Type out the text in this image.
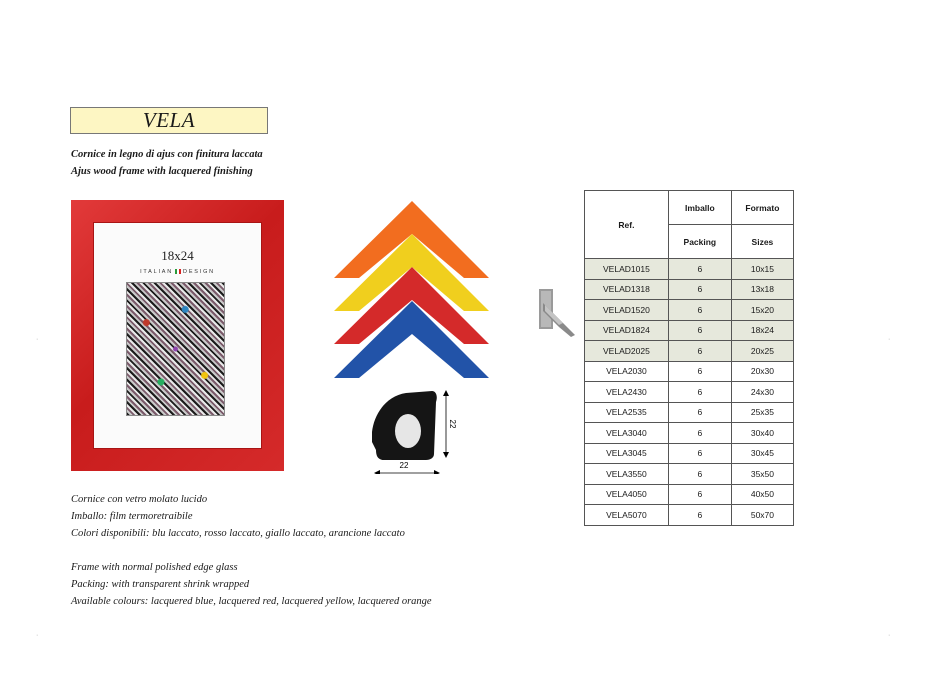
VELA
Cornice in legno di ajus con finitura laccata
Ajus wood frame with lacquered finishing
18x24
ITALIAN DESIGN
22
22
Cornice con vetro molato lucido
Imballo: film termoretraibile
Colori disponibili: blu laccato, rosso laccato, giallo laccato, arancione laccato
Frame with normal polished edge glass
Packing: with transparent shrink wrapped
Available colours: lacquered blue, lacquered red, lacquered yellow, lacquered orange
Ref.	Imballo	Formato
	Packing	Sizes
VELAD1015	6	10x15
VELAD1318	6	13x18
VELAD1520	6	15x20
VELAD1824	6	18x24
VELAD2025	6	20x25
VELA2030	6	20x30
VELA2430	6	24x30
VELA2535	6	25x35
VELA3040	6	30x40
VELA3045	6	30x45
VELA3550	6	35x50
VELA4050	6	40x50
VELA5070	6	50x70
·	·
·	·
